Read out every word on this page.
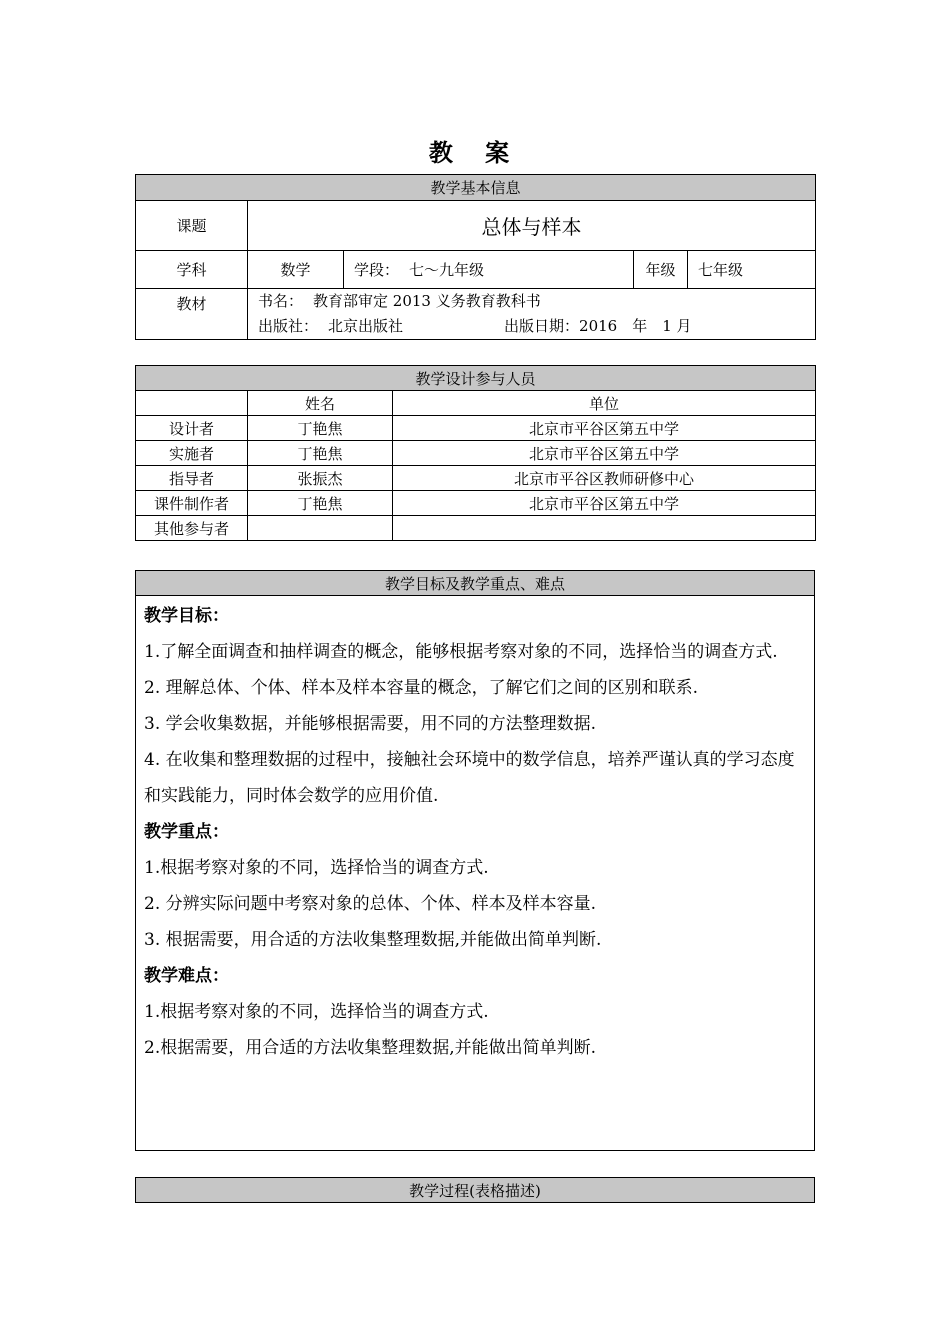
教 案
教学基本信息				
课题	总体与样本			
学科	数学	学段： 七～九年级	年级	七年级
教材	书名： 教育部审定 2013 义务教育教科书
出版社： 北京出版社 出版日期：2016　年　1 月			
教学设计参与人员		
	姓名	单位
设计者	丁艳焦	北京市平谷区第五中学
实施者	丁艳焦	北京市平谷区第五中学
指导者	张振杰	北京市平谷区教师研修中心
课件制作者	丁艳焦	北京市平谷区第五中学
其他参与者		
教学目标及教学重点、难点

教学目标：

1.了解全面调查和抽样调查的概念，能够根据考察对象的不同，选择恰当的调查方式.

2. 理解总体、个体、样本及样本容量的概念，了解它们之间的区别和联系.

3. 学会收集数据，并能够根据需要，用不同的方法整理数据.

4. 在收集和整理数据的过程中，接触社会环境中的数学信息，培养严谨认真的学习态度和实践能力，同时体会数学的应用价值.

教学重点：

1.根据考察对象的不同，选择恰当的调查方式.

2. 分辨实际问题中考察对象的总体、个体、样本及样本容量.

3. 根据需要，用合适的方法收集整理数据,并能做出简单判断.

教学难点：

1.根据考察对象的不同，选择恰当的调查方式.

2.根据需要，用合适的方法收集整理数据,并能做出简单判断.

教学过程(表格描述)
